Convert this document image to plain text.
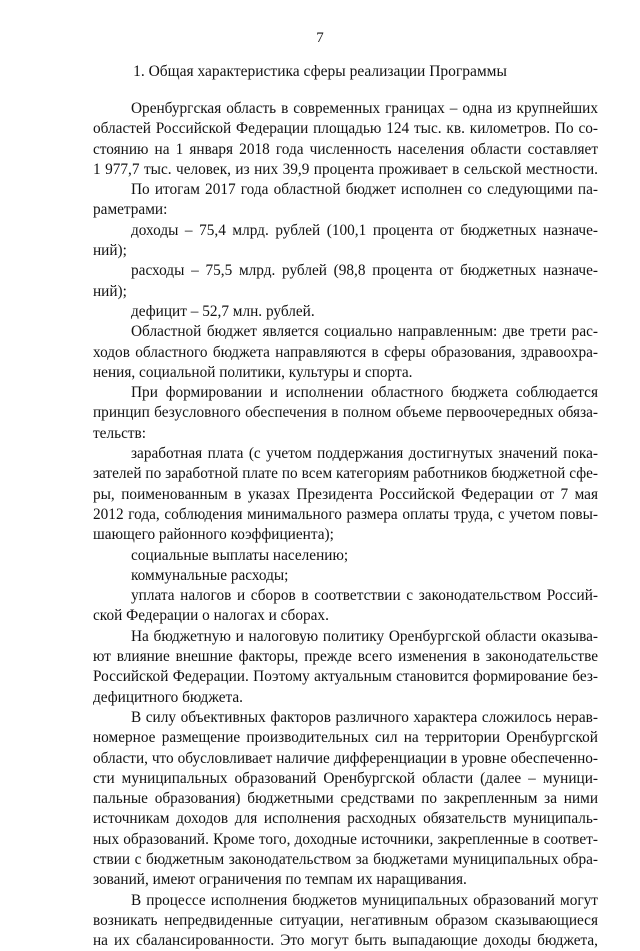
7
1. Общая характеристика сферы реализации Программы
Оренбургская область в современных границах – одна из крупнейших
областей Российской Федерации площадью 124 тыс. кв. километров. По со-
стоянию на 1 января 2018 года численность населения области составляет
1 977,7 тыс. человек, из них 39,9 процента проживает в сельской местности.
По итогам 2017 года областной бюджет исполнен со следующими па-
раметрами:
доходы – 75,4 млрд. рублей (100,1 процента от бюджетных назначе-
ний);
расходы – 75,5 млрд. рублей (98,8 процента от бюджетных назначе-
ний);
дефицит – 52,7 млн. рублей.
Областной бюджет является социально направленным: две трети рас-
ходов областного бюджета направляются в сферы образования, здравоохра-
нения, социальной политики, культуры и спорта.
При формировании и исполнении областного бюджета соблюдается
принцип безусловного обеспечения в полном объеме первоочередных обяза-
тельств:
заработная плата (с учетом поддержания достигнутых значений пока-
зателей по заработной плате по всем категориям работников бюджетной сфе-
ры, поименованным в указах Президента Российской Федерации от 7 мая
2012 года, соблюдения минимального размера оплаты труда, с учетом повы-
шающего районного коэффициента);
социальные выплаты населению;
коммунальные расходы;
уплата налогов и сборов в соответствии с законодательством Россий-
ской Федерации о налогах и сборах.
На бюджетную и налоговую политику Оренбургской области оказыва-
ют влияние внешние факторы, прежде всего изменения в законодательстве
Российской Федерации. Поэтому актуальным становится формирование без-
дефицитного бюджета.
В силу объективных факторов различного характера сложилось нерав-
номерное размещение производительных сил на территории Оренбургской
области, что обусловливает наличие дифференциации в уровне обеспеченно-
сти муниципальных образований Оренбургской области (далее – муници-
пальные образования) бюджетными средствами по закрепленным за ними
источникам доходов для исполнения расходных обязательств муниципаль-
ных образований. Кроме того, доходные источники, закрепленные в соответ-
ствии с бюджетным законодательством за бюджетами муниципальных обра-
зований, имеют ограничения по темпам их наращивания.
В процессе исполнения бюджетов муниципальных образований могут
возникать непредвиденные ситуации, негативным образом сказывающиеся
на их сбалансированности. Это могут быть выпадающие доходы бюджета,
